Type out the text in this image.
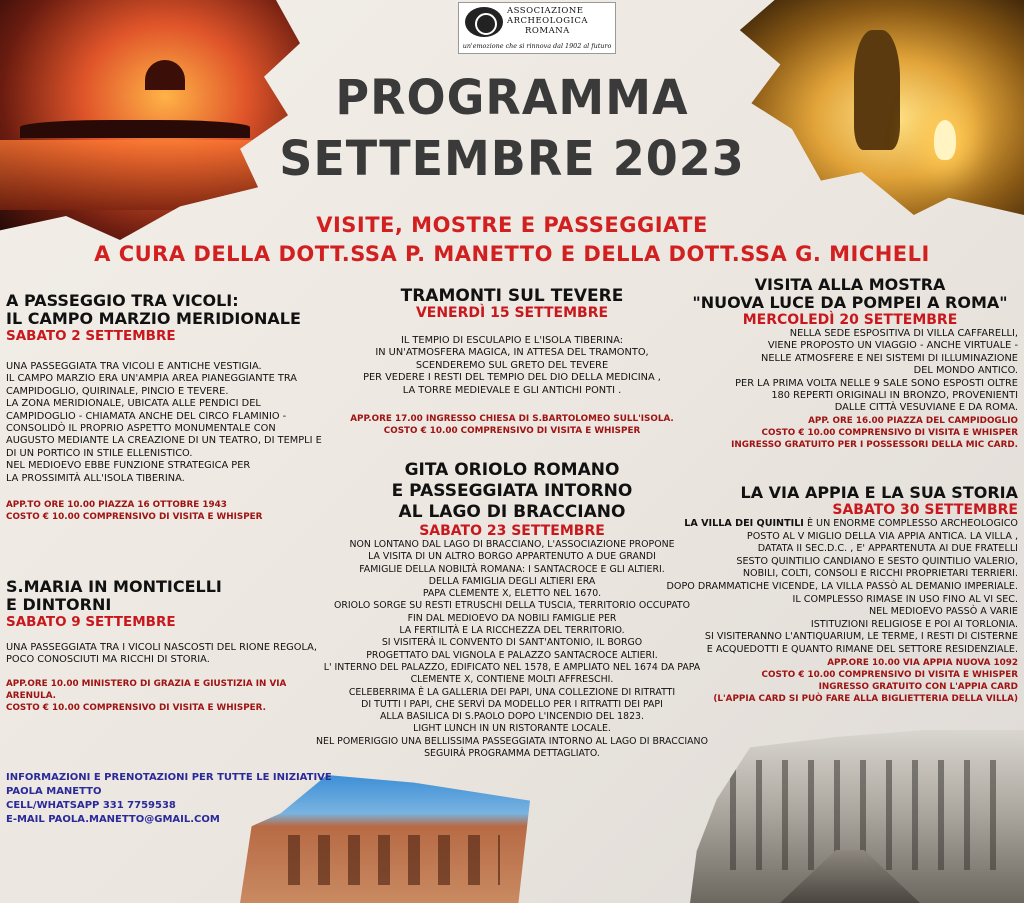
ASSOCIAZIONE
ARCHEOLOGICA
ROMANA
un'emozione che si rinnova dal 1902 al futuro
PROGRAMMA
SETTEMBRE 2023
VISITE, MOSTRE E PASSEGGIATE
A CURA DELLA DOTT.SSA P. MANETTO E DELLA DOTT.SSA G. MICHELI
A PASSEGGIO TRA VICOLI:
IL CAMPO MARZIO MERIDIONALE
SABATO 2 SETTEMBRE

UNA PASSEGGIATA TRA VICOLI E ANTICHE VESTIGIA.

IL CAMPO MARZIO ERA UN'AMPIA AREA PIANEGGIANTE TRA

CAMPIDOGLIO, QUIRINALE, PINCIO E TEVERE.

LA ZONA MERIDIONALE, UBICATA ALLE PENDICI DEL

CAMPIDOGLIO - CHIAMATA ANCHE DEL CIRCO FLAMINIO -

CONSOLIDÒ IL PROPRIO ASPETTO MONUMENTALE CON

AUGUSTO MEDIANTE LA CREAZIONE DI UN TEATRO, DI TEMPLI E

DI UN PORTICO IN STILE ELLENISTICO.

NEL MEDIOEVO EBBE FUNZIONE STRATEGICA PER

LA PROSSIMITÀ ALL'ISOLA TIBERINA.

APP.TO ORE 10.00 PIAZZA 16 OTTOBRE 1943
COSTO € 10.00 COMPRENSIVO DI VISITA E WHISPER
S.MARIA IN MONTICELLI
E DINTORNI
SABATO 9 SETTEMBRE

UNA PASSEGGIATA TRA I VICOLI NASCOSTI DEL RIONE REGOLA,

POCO CONOSCIUTI MA RICCHI DI STORIA.

APP.ORE 10.00 MINISTERO DI GRAZIA E GIUSTIZIA IN VIA ARENULA.
COSTO € 10.00 COMPRENSIVO DI VISITA E WHISPER.
INFORMAZIONI E PRENOTAZIONI PER TUTTE LE INIZIATIVE
PAOLA MANETTO
CELL/WHATSAPP 331 7759538
E-MAIL PAOLA.MANETTO@GMAIL.COM
TRAMONTI SUL TEVERE
VENERDÌ 15 SETTEMBRE

IL TEMPIO DI ESCULAPIO E L'ISOLA TIBERINA:

IN UN'ATMOSFERA MAGICA, IN ATTESA DEL TRAMONTO,

SCENDEREMO SUL GRETO DEL TEVERE

PER VEDERE I RESTI DEL TEMPIO DEL DIO DELLA MEDICINA ,

LA TORRE MEDIEVALE E GLI ANTICHI PONTI .

APP.ORE 17.00 INGRESSO CHIESA DI S.BARTOLOMEO SULL'ISOLA.
COSTO € 10.00 COMPRENSIVO DI VISITA E WHISPER
GITA ORIOLO ROMANO
E PASSEGGIATA INTORNO
AL LAGO DI BRACCIANO
SABATO 23 SETTEMBRE

NON LONTANO DAL LAGO DI BRACCIANO, L'ASSOCIAZIONE PROPONE

LA VISITA DI UN ALTRO BORGO APPARTENUTO A DUE GRANDI

FAMIGLIE DELLA NOBILTÀ ROMANA: I SANTACROCE E GLI ALTIERI.

DELLA FAMIGLIA DEGLI ALTIERI ERA

PAPA CLEMENTE X, ELETTO NEL 1670.

ORIOLO SORGE SU RESTI ETRUSCHI DELLA TUSCIA, TERRITORIO OCCUPATO

FIN DAL MEDIOEVO DA NOBILI FAMIGLIE PER

LA FERTILITÀ E LA RICCHEZZA DEL TERRITORIO.

SI VISITERÀ IL CONVENTO DI SANT'ANTONIO, IL BORGO

PROGETTATO DAL VIGNOLA E PALAZZO SANTACROCE ALTIERI.

L' INTERNO DEL PALAZZO, EDIFICATO NEL 1578, E AMPLIATO NEL 1674 DA PAPA

CLEMENTE X, CONTIENE MOLTI AFFRESCHI.

CELEBERRIMA È LA GALLERIA DEI PAPI, UNA COLLEZIONE DI RITRATTI

DI TUTTI I PAPI, CHE SERVÌ DA MODELLO PER I RITRATTI DEI PAPI

ALLA BASILICA DI S.PAOLO DOPO L'INCENDIO DEL 1823.

LIGHT LUNCH IN UN RISTORANTE LOCALE.

NEL POMERIGGIO UNA BELLISSIMA PASSEGGIATA INTORNO AL LAGO DI BRACCIANO

SEGUIRÀ PROGRAMMA DETTAGLIATO.

VISITA ALLA MOSTRA
"NUOVA LUCE DA POMPEI A ROMA"
MERCOLEDÌ 20 SETTEMBRE

NELLA SEDE ESPOSITIVA DI VILLA CAFFARELLI,

VIENE PROPOSTO UN VIAGGIO - ANCHE VIRTUALE -

NELLE ATMOSFERE E NEI SISTEMI DI ILLUMINAZIONE

DEL MONDO ANTICO.

PER LA PRIMA VOLTA NELLE 9 SALE SONO ESPOSTI OLTRE

180 REPERTI ORIGINALI IN BRONZO, PROVENIENTI

DALLE CITTÀ VESUVIANE E DA ROMA.

APP. ORE 16.00 PIAZZA DEL CAMPIDOGLIO
COSTO € 10.00 COMPRENSIVO DI VISITA E WHISPER
INGRESSO GRATUITO PER I POSSESSORI DELLA MIC CARD.
LA VIA APPIA E LA SUA STORIA
SABATO 30 SETTEMBRE

LA VILLA DEI QUINTILI È UN ENORME COMPLESSO ARCHEOLOGICO

POSTO AL V MIGLIO DELLA VIA APPIA ANTICA. LA VILLA ,

DATATA II SEC.D.C. , E' APPARTENUTA AI DUE FRATELLI

SESTO QUINTILIO CANDIANO E SESTO QUINTILIO VALERIO,

NOBILI, COLTI, CONSOLI E RICCHI PROPRIETARI TERRIERI.

DOPO DRAMMATICHE VICENDE, LA VILLA PASSÒ AL DEMANIO IMPERIALE.

IL COMPLESSO RIMASE IN USO FINO AL VI SEC.

NEL MEDIOEVO PASSÒ A VARIE

ISTITUZIONI RELIGIOSE E POI AI TORLONIA.

SI VISITERANNO L'ANTIQUARIUM, LE TERME, I RESTI DI CISTERNE

E ACQUEDOTTI E QUANTO RIMANE DEL SETTORE RESIDENZIALE.

APP.ORE 10.00 VIA APPIA NUOVA 1092
COSTO € 10.00 COMPRENSIVO DI VISITA E WHISPER
INGRESSO GRATUITO CON L'APPIA CARD
(L'APPIA CARD SI PUÒ FARE ALLA BIGLIETTERIA DELLA VILLA)
